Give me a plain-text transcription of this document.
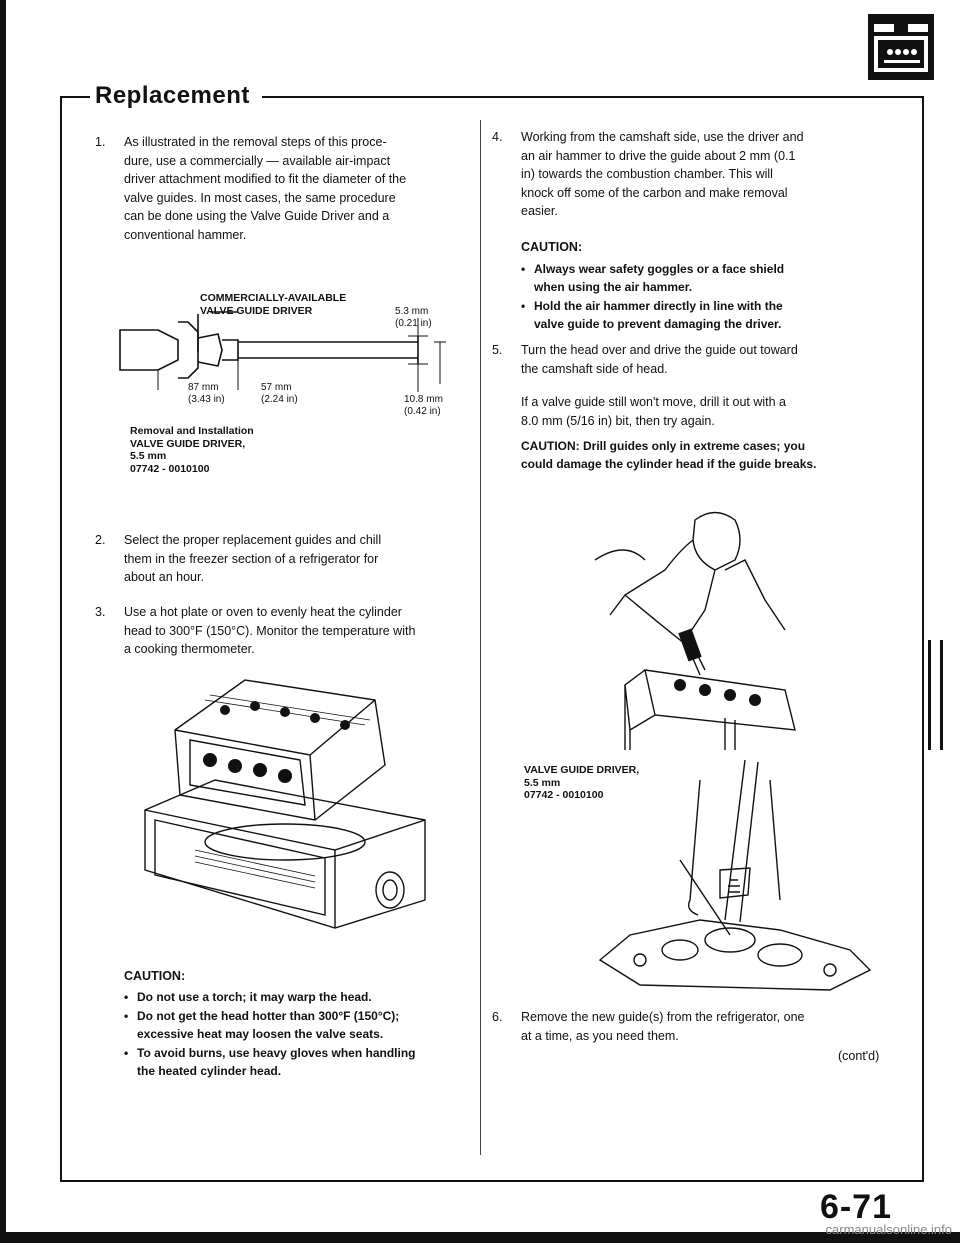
Replacement
1. As illustrated in the removal steps of this proce-
dure, use a commercially — available air-impact
driver attachment modified to fit the diameter of the
valve guides. In most cases, the same procedure
can be done using the Valve Guide Driver and a
conventional hammer.
COMMERCIALLY-AVAILABLE
VALVE GUIDE DRIVER	5.3 mm
(0.21 in)
87 mm
(3.43 in)
57 mm
(2.24 in)	10.8 mm
(0.42 in)
Removal and Installation
VALVE GUIDE DRIVER,
5.5 mm
07742 - 0010100
2. Select the proper replacement guides and chill
them in the freezer section of a refrigerator for
about an hour.
3. Use a hot plate or oven to evenly heat the cylinder
head to 300°F (150°C). Monitor the temperature with
a cooking thermometer.
CAUTION:
• Do not use a torch; it may warp the head.
• Do not get the head hotter than 300°F (150°C);
excessive heat may loosen the valve seats.
• To avoid burns, use heavy gloves when handling
the heated cylinder head.
4. Working from the camshaft side, use the driver and
an air hammer to drive the guide about 2 mm (0.1
in) towards the combustion chamber. This will
knock off some of the carbon and make removal
easier.
CAUTION:
• Always wear safety goggles or a face shield
when using the air hammer.
• Hold the air hammer directly in line with the
valve guide to prevent damaging the driver.
5. Turn the head over and drive the guide out toward
the camshaft side of head.
If a valve guide still won't move, drill it out with a
8.0 mm (5/16 in) bit, then try again.
CAUTION: Drill guides only in extreme cases; you
could damage the cylinder head if the guide breaks.
VALVE GUIDE DRIVER,
5.5 mm
07742 - 0010100
6. Remove the new guide(s) from the refrigerator, one
at a time, as you need them.
(cont'd)
6-71
carmanualsonline.info
